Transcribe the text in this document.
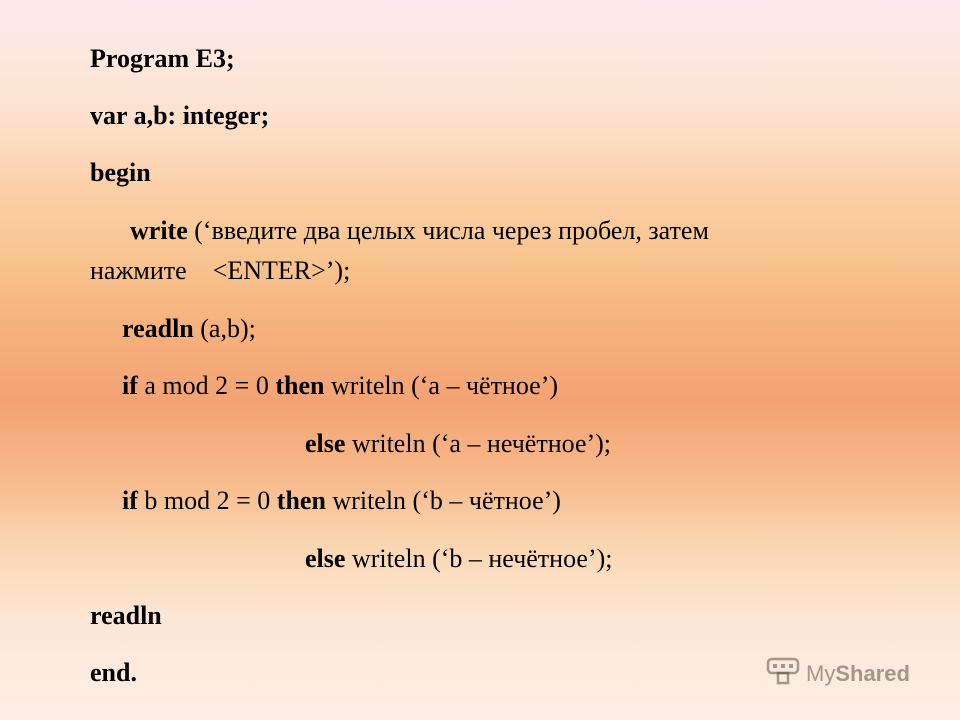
Program E3;

var a,b: integer;

begin

write (‘введите два целых числа через пробел, затем

нажмите    <ENTER>’);

readln (a,b);

if a mod 2 = 0 then writeln (‘a – чётное’)

else writeln (‘a – нечётное’);

if b mod 2 = 0 then writeln (‘b – чётное’)

else writeln (‘b – нечётное’);

readln

end.	MyShared
